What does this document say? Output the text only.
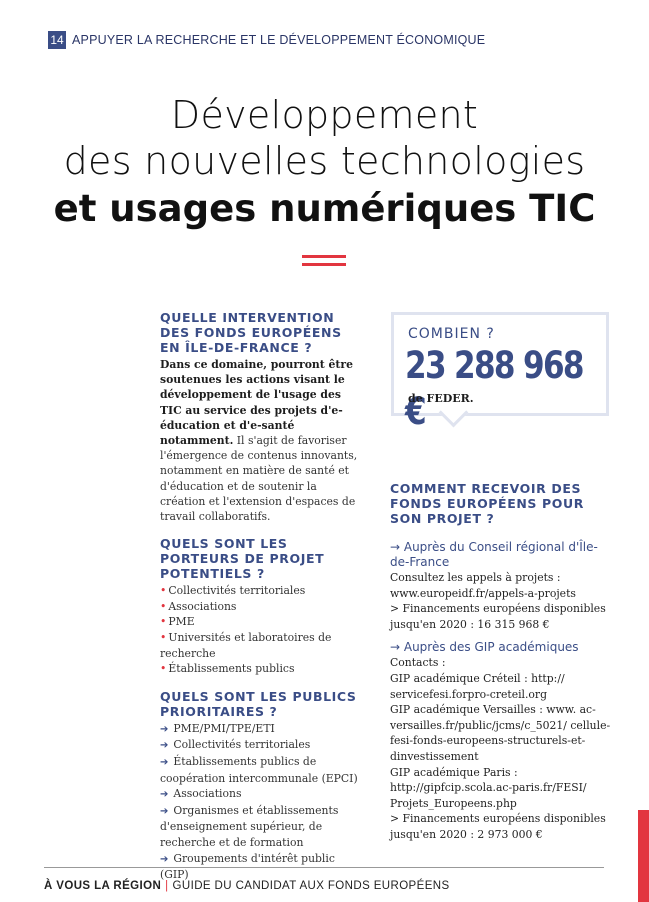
14 APPUYER LA RECHERCHE ET LE DÉVELOPPEMENT ÉCONOMIQUE
Développement
des nouvelles technologies
et usages numériques TIC
QUELLE INTERVENTION DES FONDS EUROPÉENS EN ÎLE-DE-FRANCE ?

Dans ce domaine, pourront être soutenues les actions visant le développement de l'usage des TIC au service des projets d'e-éducation et d'e-santé notamment. Il s'agit de favoriser l'émergence de contenus innovants, notamment en matière de santé et d'éducation et de soutenir la création et l'extension d'espaces de travail collaboratifs.

QUELS SONT LES PORTEURS DE PROJET POTENTIELS ?
• Collectivités territoriales
• Associations
• PME
• Universités et laboratoires de recherche
• Établissements publics
QUELS SONT LES PUBLICS PRIORITAIRES ?
➔ PME/PMI/TPE/ETI
➔ Collectivités territoriales
➔ Établissements publics de coopération intercommunale (EPCI)
➔ Associations
➔ Organismes et établissements d'enseignement supérieur, de recherche et de formation
➔ Groupements d'intérêt public (GIP)
COMBIEN ?
23 288 968 €
de FEDER.
COMMENT RECEVOIR DES FONDS EUROPÉENS POUR SON PROJET ?

→ Auprès du Conseil régional d'Île-de-France

Consultez les appels à projets : www.europeidf.fr/appels-a-projets

> Financements européens disponibles jusqu'en 2020 : 16 315 968 €

→ Auprès des GIP académiques

Contacts :

GIP académique Créteil : http:// servicefesi.forpro-creteil.org

GIP académique Versailles : www. ac-versailles.fr/public/jcms/c_5021/ cellule-fesi-fonds-europeens-structurels-et-dinvestissement

GIP académique Paris : http://gipfcip.scola.ac-paris.fr/FESI/ Projets_Europeens.php

> Financements européens disponibles jusqu'en 2020 : 2 973 000 €

À VOUS LA RÉGION | GUIDE DU CANDIDAT AUX FONDS EUROPÉENS
